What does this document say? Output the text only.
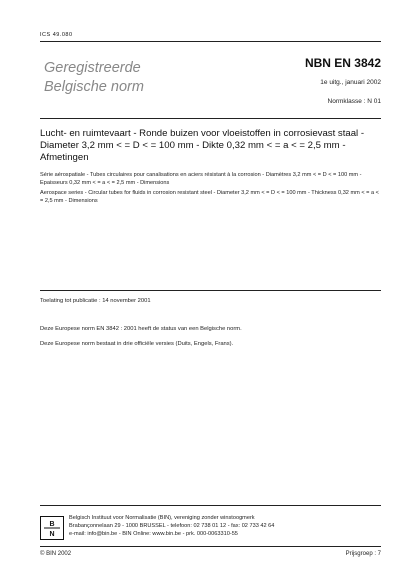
ICS 49.080
Geregistreerde
Belgische norm
NBN EN 3842
1e uitg., januari 2002
Normklasse : N 01
Lucht- en ruimtevaart - Ronde buizen voor vloeistoffen in corrosievast staal - Diameter 3,2 mm < = D < = 100 mm - Dikte 0,32 mm < = a < = 2,5 mm - Afmetingen
Série aérospatiale - Tubes circulaires pour canalisations en aciers résistant à la corrosion - Diamètres 3,2 mm < = D < = 100 mm - Epaisseurs 0,32 mm < = a < = 2,5 mm - Dimensions
Aerospace series - Circular tubes for fluids in corrosion resistant steel - Diameter 3,2 mm < = D < = 100 mm - Thickness 0,32 mm < = a < = 2,5 mm - Dimensions
Toelating tot publicatie : 14 november 2001
Deze Europese norm EN 3842 : 2001 heeft de status van een Belgische norm.
Deze Europese norm bestaat in drie officiële versies (Duits, Engels, Frans).
B
N
Belgisch Instituut voor Normalisatie (BIN), vereniging zonder winstoogmerk
Brabançonnelaan 29 - 1000 BRUSSEL - telefoon: 02 738 01 12 - fax: 02 733 42 64
e-mail: info@bin.be - BIN Online: www.bin.be - prk. 000-0063310-55
© BIN 2002	Prijsgroep : 7
